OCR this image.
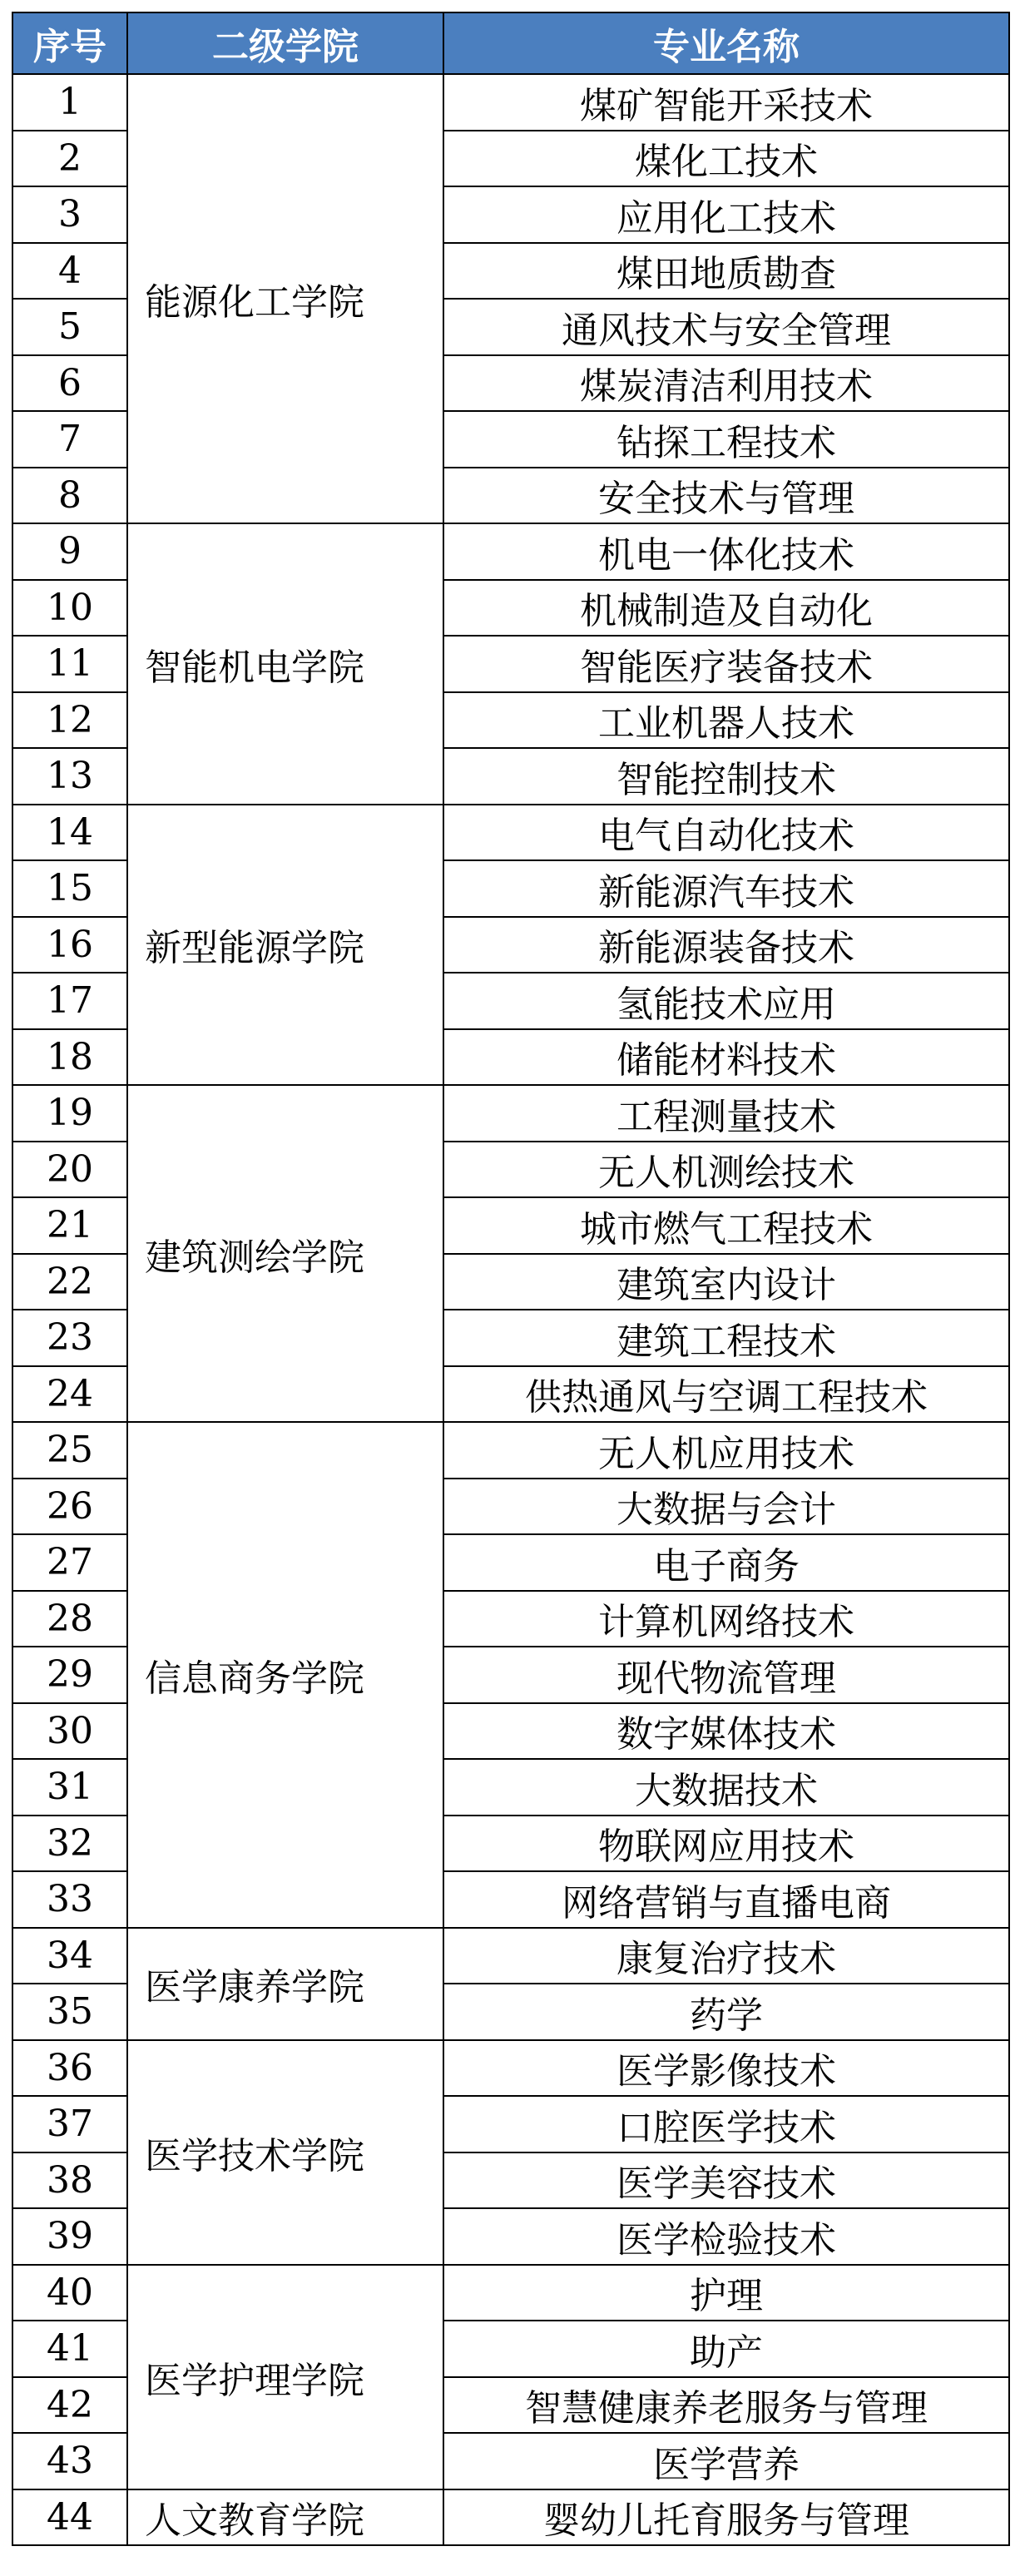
序号	二级学院	专业名称
1	能源化工学院	煤矿智能开采技术
2		煤化工技术
3		应用化工技术
4		煤田地质勘查
5		通风技术与安全管理
6		煤炭清洁利用技术
7		钻探工程技术
8		安全技术与管理
9	智能机电学院	机电一体化技术
10		机械制造及自动化
11		智能医疗装备技术
12		工业机器人技术
13		智能控制技术
14	新型能源学院	电气自动化技术
15		新能源汽车技术
16		新能源装备技术
17		氢能技术应用
18		储能材料技术
19	建筑测绘学院	工程测量技术
20		无人机测绘技术
21		城市燃气工程技术
22		建筑室内设计
23		建筑工程技术
24		供热通风与空调工程技术
25	信息商务学院	无人机应用技术
26		大数据与会计
27		电子商务
28		计算机网络技术
29		现代物流管理
30		数字媒体技术
31		大数据技术
32		物联网应用技术
33		网络营销与直播电商
34	医学康养学院	康复治疗技术
35		药学
36	医学技术学院	医学影像技术
37		口腔医学技术
38		医学美容技术
39		医学检验技术
40	医学护理学院	护理
41		助产
42		智慧健康养老服务与管理
43		医学营养
44	人文教育学院	婴幼儿托育服务与管理
